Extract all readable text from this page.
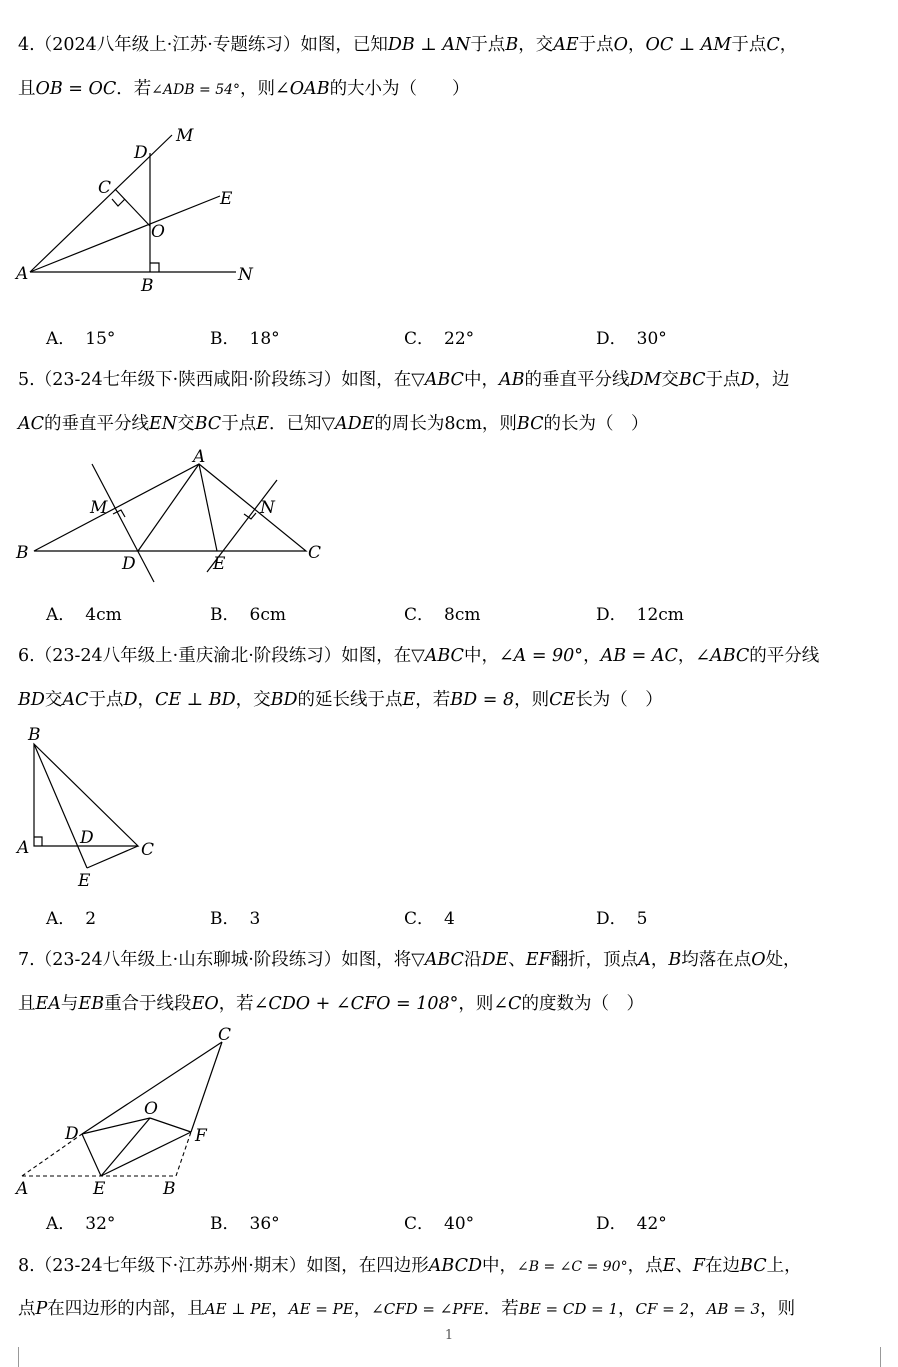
4.（2024八年级上·江苏·专题练习）如图，已知DB ⊥ AN于点B，交AE于点O，OC ⊥ AM于点C，
且OB = OC．若∠ADB = 54°，则∠OAB的大小为（　　）
M
D
C
E
O
A
B
N
A． 15°	B． 18°	C． 22°	D． 30°
5.（23-24七年级下·陕西咸阳·阶段练习）如图，在▽ABC中，AB的垂直平分线DM交BC于点D，边
AC的垂直平分线EN交BC于点E．已知▽ADE的周长为8cm，则BC的长为（　）
A
M	N
B
D	E
C
A． 4cm	B． 6cm	C． 8cm	D． 12cm
6.（23-24八年级上·重庆渝北·阶段练习）如图，在▽ABC中，∠A = 90°，AB = AC，∠ABC的平分线
BD交AC于点D，CE ⊥ BD，交BD的延长线于点E，若BD = 8，则CE长为（　）
B
D
A	C
E
A． 2	B． 3	C． 4	D． 5
7.（23-24八年级上·山东聊城·阶段练习）如图，将▽ABC沿DE、EF翻折，顶点A，B均落在点O处，
且EA与EB重合于线段EO，若∠CDO + ∠CFO = 108°，则∠C的度数为（　）
C
O
D	F
A	E	B
A． 32°	B． 36°	C． 40°	D． 42°
8.（23-24七年级下·江苏苏州·期末）如图，在四边形ABCD中，∠B = ∠C = 90°，点E、F在边BC上，
点P在四边形的内部，且AE ⊥ PE，AE = PE，∠CFD = ∠PFE．若BE = CD = 1，CF = 2，AB = 3，则
1
